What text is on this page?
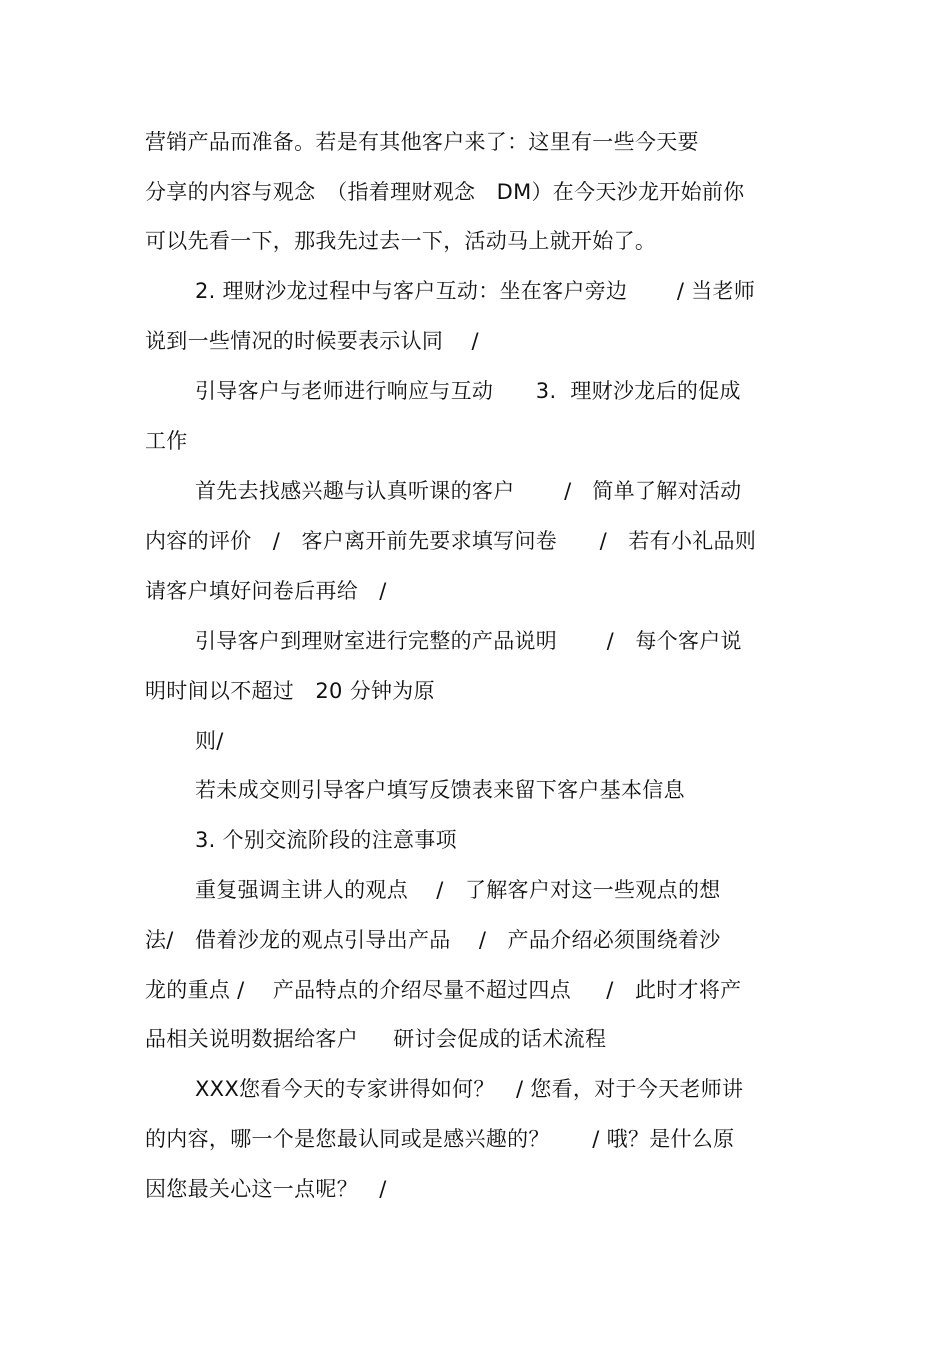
营销产品而准备。若是有其他客户来了：这里有一些今天要
分享的内容与观念　（指着理财观念　DM）在今天沙龙开始前你
可以先看一下，那我先过去一下，活动马上就开始了。
2. 理财沙龙过程中与客户互动：坐在客户旁边　　 / 当老师
说到一些情况的时候要表示认同　 /
引导客户与老师进行响应与互动　　3.  理财沙龙后的促成
工作
首先去找感兴趣与认真听课的客户　　 /   简单了解对活动
内容的评价　/　客户离开前先要求填写问卷　　/　若有小礼品则
请客户填好问卷后再给　/
引导客户到理财室进行完整的产品说明　　 /　每个客户说
明时间以不超过　20 分钟为原
则/
若未成交则引导客户填写反馈表来留下客户基本信息
3. 个别交流阶段的注意事项
重复强调主讲人的观点　 /　了解客户对这一些观点的想
法/　借着沙龙的观点引导出产品　 /　产品介绍必须围绕着沙
龙的重点 /　 产品特点的介绍尽量不超过四点　  /　此时才将产
品相关说明数据给客户　  研讨会促成的话术流程
XXX您看今天的专家讲得如何？　/ 您看，对于今天老师讲
的内容，哪一个是您最认同或是感兴趣的？　　/ 哦？是什么原
因您最关心这一点呢？　/
